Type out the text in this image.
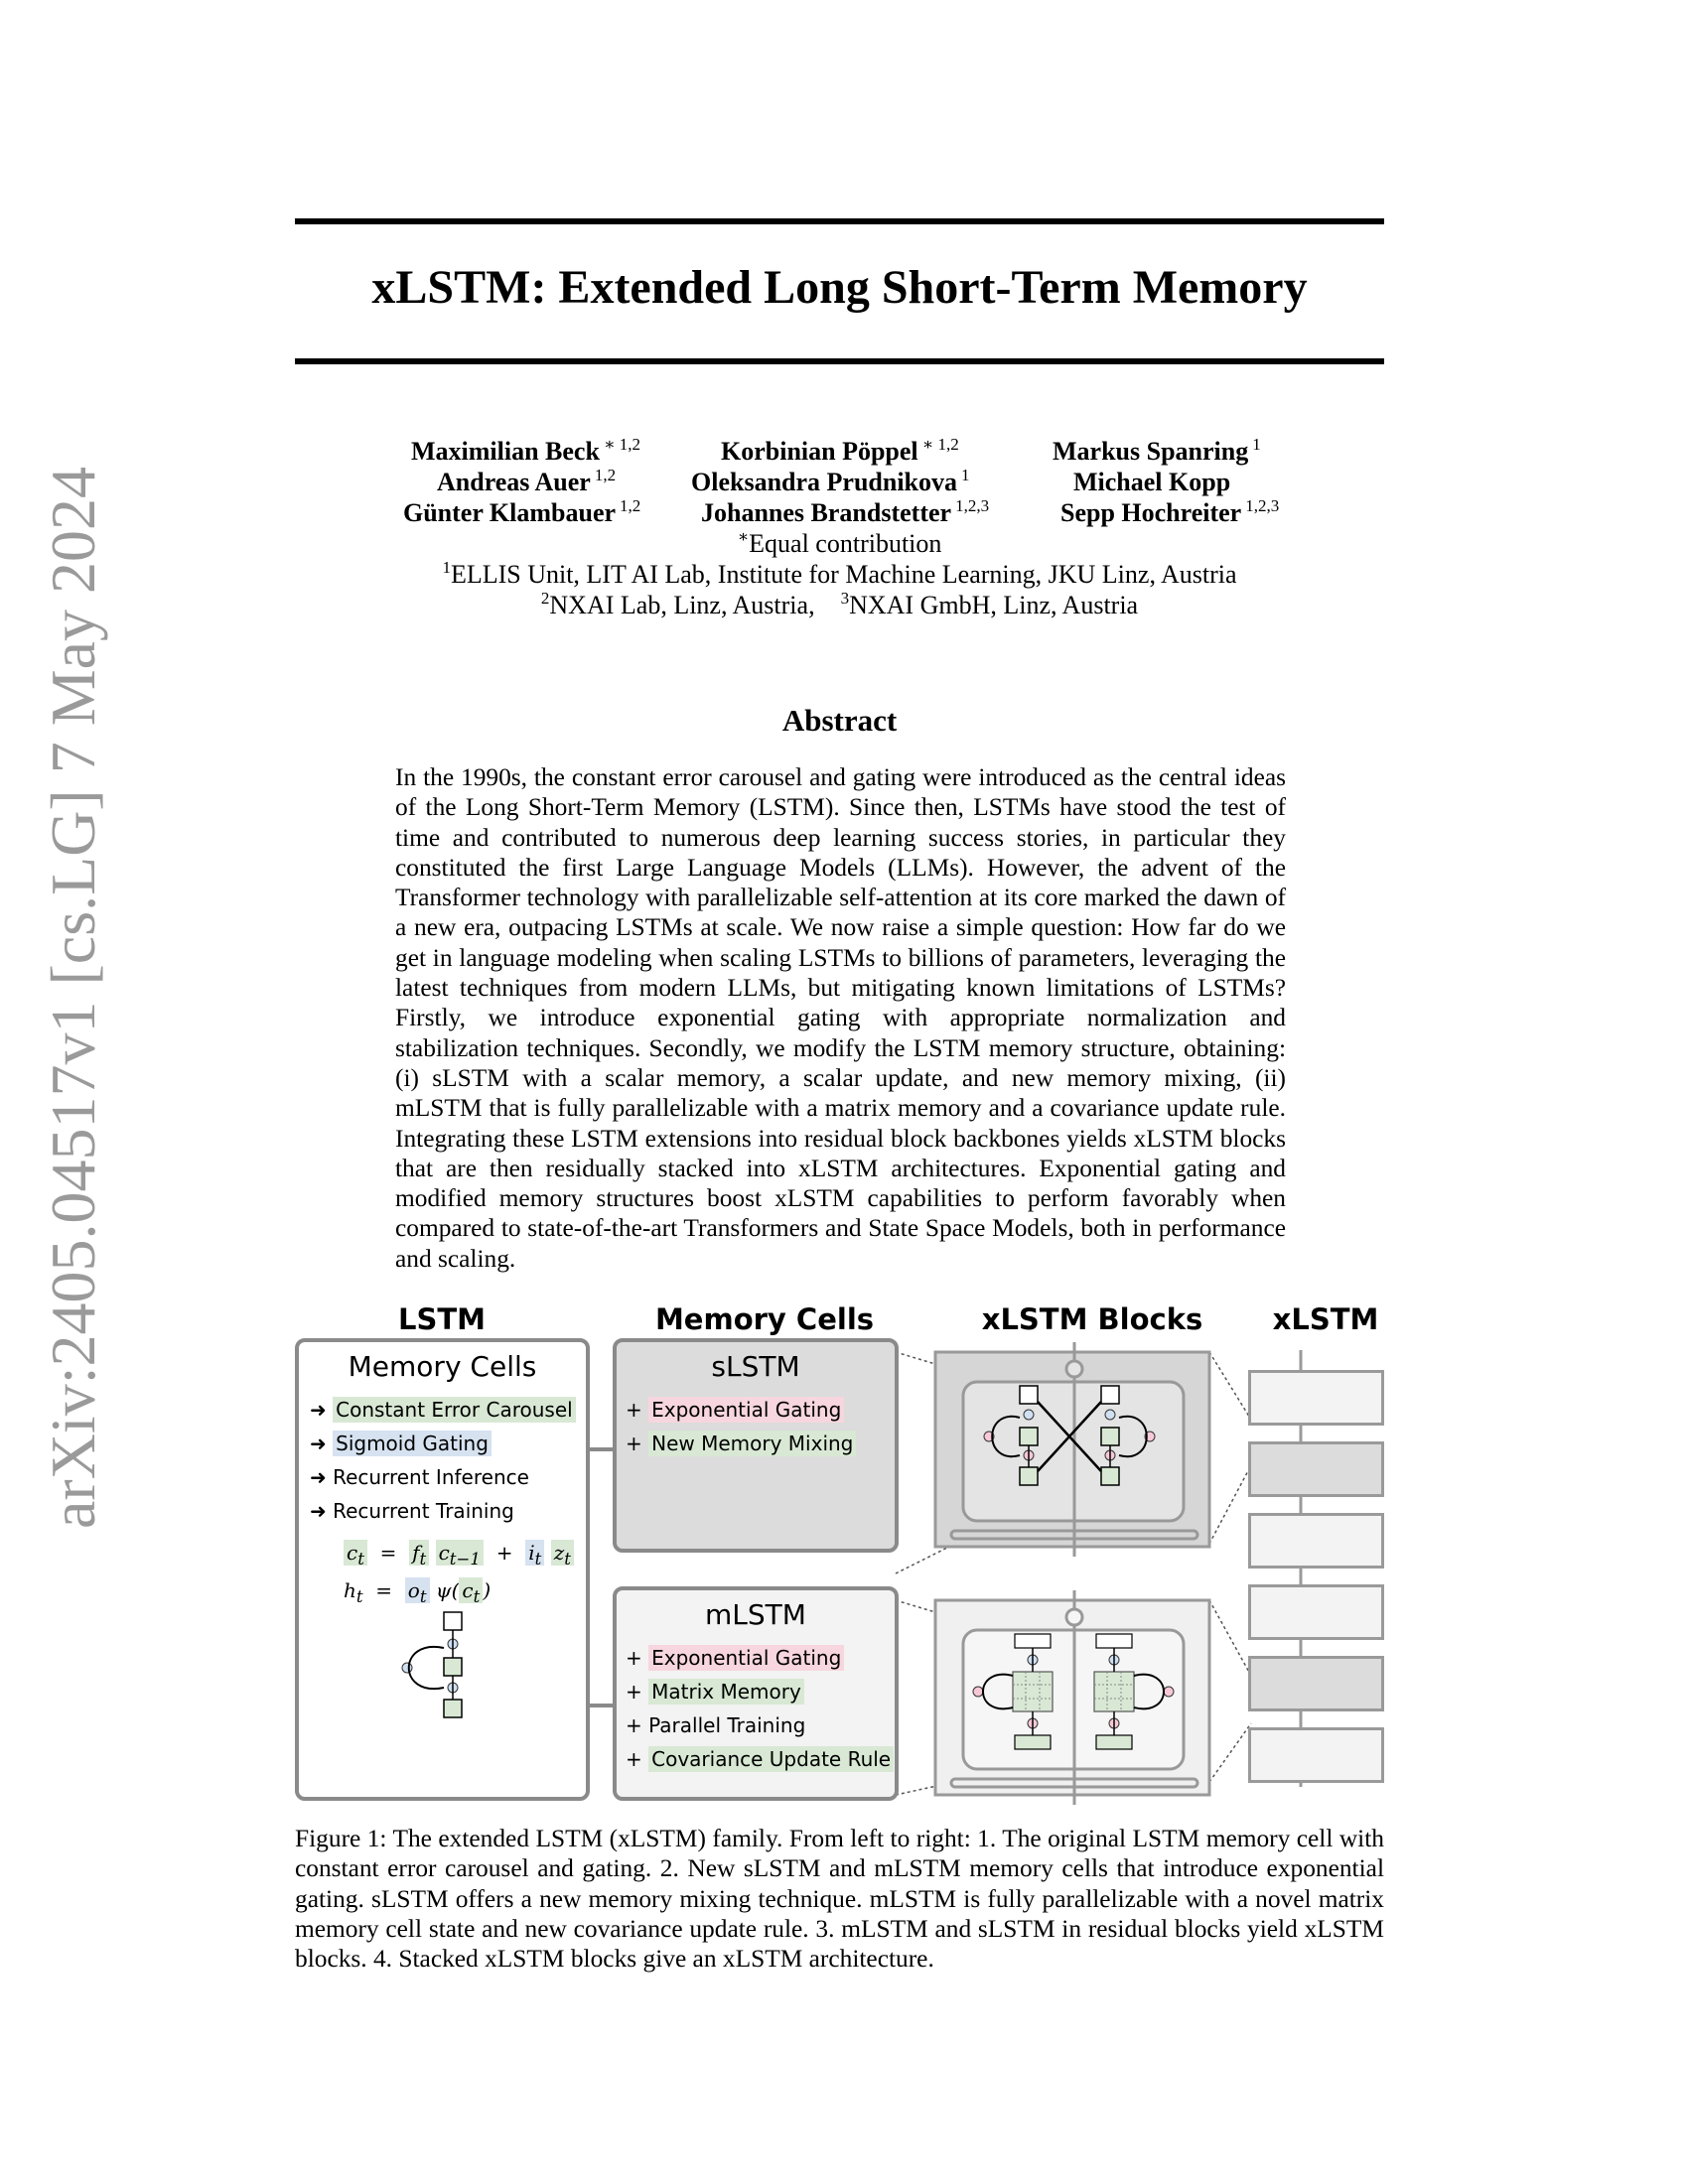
arXiv:2405.04517v1 [cs.LG] 7 May 2024
xLSTM: Extended Long Short-Term Memory
Maximilian Beck $^{∗ 1,2}$	Korbinian Pöppel $^{∗ 1,2}$	Markus Spanring $^1$
Andreas Auer $^{1,2}$	Oleksandra Prudnikova $^1$	Michael Kopp
Günter Klambauer $^{1,2}$ Johannes Brandstetter $^{1,2,3}$	Sepp Hochreiter $^{1,2,3}$
∗Equal contribution
$^1$ELLIS Unit, LIT AI Lab, Institute for Machine Learning, JKU Linz, Austria
$^2$NXAI Lab, Linz, Austria, $^3$NXAI GmbH, Linz, Austria
Abstract
In the 1990s, the constant error carousel and gating were introduced as the central ideas of the Long Short-Term Memory (LSTM). Since then, LSTMs have stood the test of time and contributed to numerous deep learning success stories, in particular they constituted the first Large Language Models (LLMs). However, the advent of the Transformer technology with parallelizable self-attention at its core marked the dawn of a new era, outpacing LSTMs at scale. We now raise a simple question: How far do we get in language modeling when scaling LSTMs to billions of parameters, leveraging the latest techniques from modern LLMs, but mitigating known limitations of LSTMs? Firstly, we introduce exponential gating with appropriate normalization and stabilization techniques. Secondly, we modify the LSTM memory structure, obtaining: (i) sLSTM with a scalar memory, a scalar update, and new memory mixing, (ii) mLSTM that is fully parallelizable with a matrix memory and a covariance update rule. Integrating these LSTM extensions into residual block backbones yields xLSTM blocks that are then residually stacked into xLSTM architectures. Exponential gating and modified memory structures boost xLSTM capabilities to perform favorably when compared to state-of-the-art Transformers and State Space Models, both in performance and scaling.
LSTM	Memory Cells	xLSTM Blocks	xLSTM
Memory Cells
➜ Constant Error Carousel
➜ Sigmoid Gating
➜ Recurrent Inference
➜ Recurrent Training
$c_t = f_t$ $c_{t-1} + i_t$ $z_t$
$h_t = o_t$ ψ( $c_t$ )
sLSTM
+ Exponential Gating
+ New Memory Mixing
mLSTM
+ Exponential Gating
+ Matrix Memory
+ Parallel Training
+ Covariance Update Rule
Figure 1: The extended LSTM (xLSTM) family. From left to right: 1. The original LSTM memory cell with constant error carousel and gating. 2. New sLSTM and mLSTM memory cells that introduce exponential gating. sLSTM offers a new memory mixing technique. mLSTM is fully parallelizable with a novel matrix memory cell state and new covariance update rule. 3. mLSTM and sLSTM in residual blocks yield xLSTM blocks. 4. Stacked xLSTM blocks give an xLSTM architecture.
